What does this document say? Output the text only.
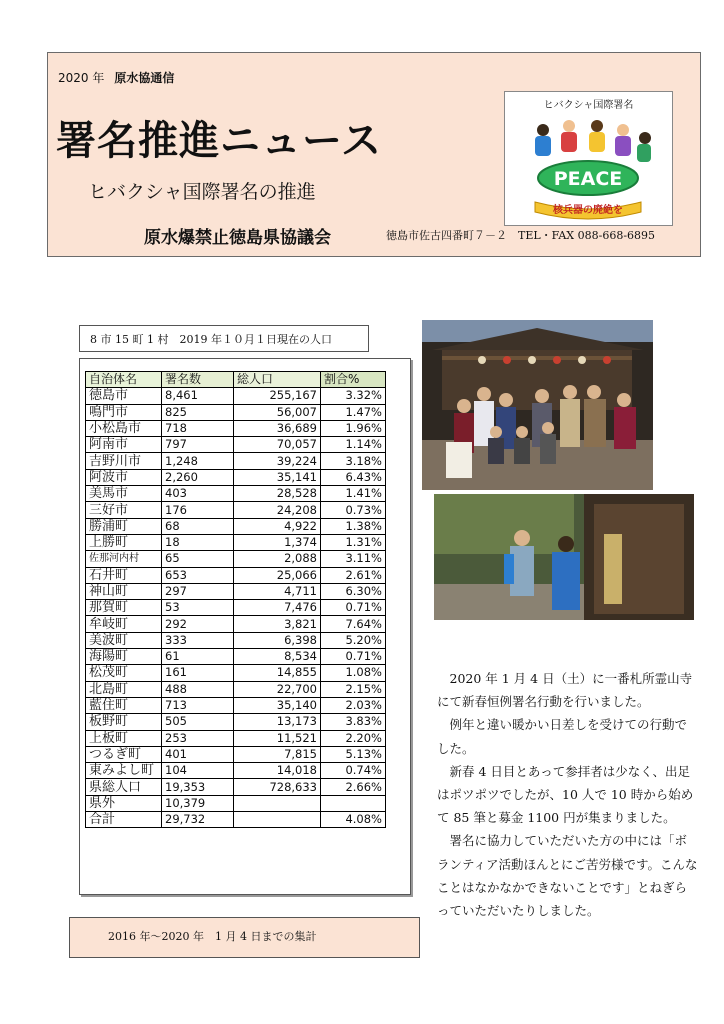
2020 年 原水協通信
署名推進ニュース
ヒバクシャ国際署名の推進
原水爆禁止徳島県協議会	徳島市佐古四番町７－２　TEL・FAX 088-668-6895
ヒバクシャ国際署名
PEACE
核兵器の廃絶を
8 市 15 町 1 村　2019 年１０月１日現在の人口
自治体名	署名数	総人口	割合%
徳島市	8,461	255,167	3.32%
鳴門市	825	56,007	1.47%
小松島市	718	36,689	1.96%
阿南市	797	70,057	1.14%
吉野川市	1,248	39,224	3.18%
阿波市	2,260	35,141	6.43%
美馬市	403	28,528	1.41%
三好市	176	24,208	0.73%
勝浦町	68	4,922	1.38%
上勝町	18	1,374	1.31%
佐那河内村	65	2,088	3.11%
石井町	653	25,066	2.61%
神山町	297	4,711	6.30%
那賀町	53	7,476	0.71%
牟岐町	292	3,821	7.64%
美波町	333	6,398	5.20%
海陽町	61	8,534	0.71%
松茂町	161	14,855	1.08%
北島町	488	22,700	2.15%
藍住町	713	35,140	2.03%
板野町	505	13,173	3.83%
上板町	253	11,521	2.20%
つるぎ町	401	7,815	5.13%
東みよし町	104	14,018	0.74%
県総人口	19,353	728,633	2.66%
県外	10,379		
合計	29,732		4.08%
2016 年～2020 年　1 月 4 日までの集計

2020 年 1 月 4 日（土）に一番札所霊山寺にて新春恒例署名行動を行いました。

例年と違い暖かい日差しを受けての行動でした。

新春 4 日目とあって参拝者は少なく、出足はポツポツでしたが、10 人で 10 時から始めて 85 筆と募金 1100 円が集まりました。

署名に協力していただいた方の中には「ボランティア活動ほんとにご苦労様です。こんなことはなかなかできないことです」とねぎらっていただいたりしました。
